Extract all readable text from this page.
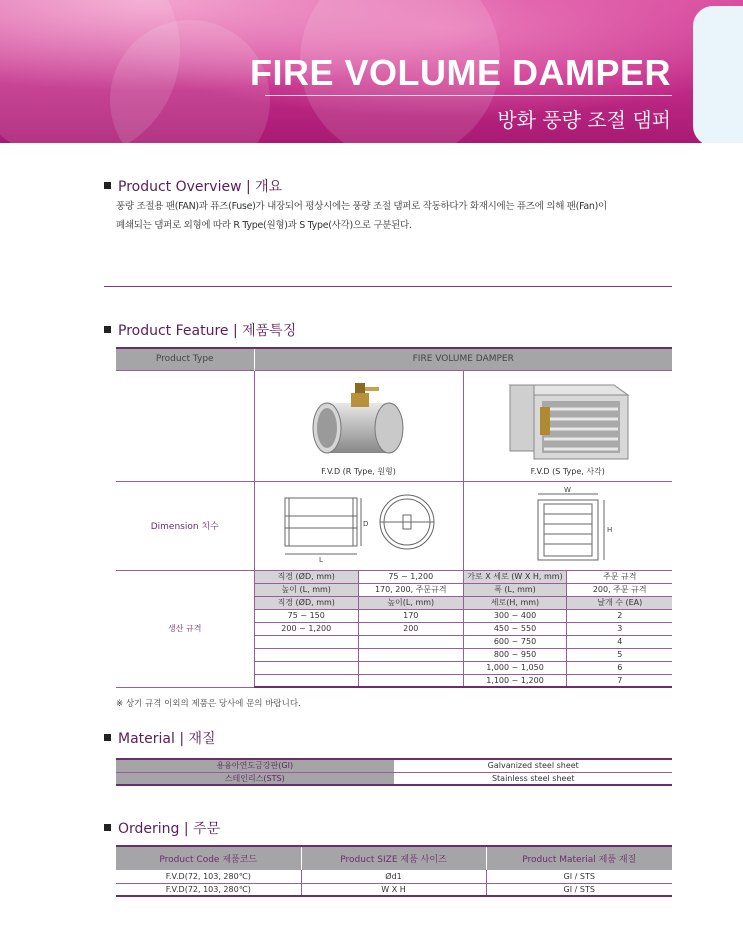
FIRE VOLUME DAMPER
방화 풍량 조절 댐퍼
Product Overview | 개요
풍량 조절용 팬(FAN)과 퓨즈(Fuse)가 내장되어 평상시에는 풍량 조절 댐퍼로 작동하다가 화재시에는 퓨즈에 의해 팬(Fan)이
폐쇄되는 댐퍼로 외형에 따라 R Type(원형)과 S Type(사각)으로 구분된다.
Product Feature | 제품특징
Product Type	FIRE VOLUME DAMPER			

	F.V.D (R Type, 원형)		F.V.D (S Type, 사각)	

Dimension 치수	D
L		W
H	

생산 규격	직경 (ØD, mm)	75 ~ 1,200	가로 X 세로 (W X H, mm)	주문 규격
	높이 (L, mm)	170, 200, 주문규격	폭 (L, mm)	200, 주문 규격
	직경 (ØD, mm)	높이(L, mm)	세로(H, mm)	날개 수 (EA)
	75 ~ 150	170	300 ~ 400	2
	200 ~ 1,200	200	450 ~ 550	3
			600 ~ 750	4
			800 ~ 950	5
			1,000 ~ 1,050	6
			1,100 ~ 1,200	7
※ 상기 규격 이외의 제품은 당사에 문의 바랍니다.
Material | 재질
용융아연도금강판(GI)	Galvanized steel sheet
스테인리스(STS)	Stainless steel sheet
Ordering | 주문
Product Code 제품코드	Product SIZE 제품 사이즈	Product Material 제품 재질
F.V.D(72, 103, 280℃)	Ød1	GI / STS
F.V.D(72, 103, 280℃)	W X H	GI / STS
